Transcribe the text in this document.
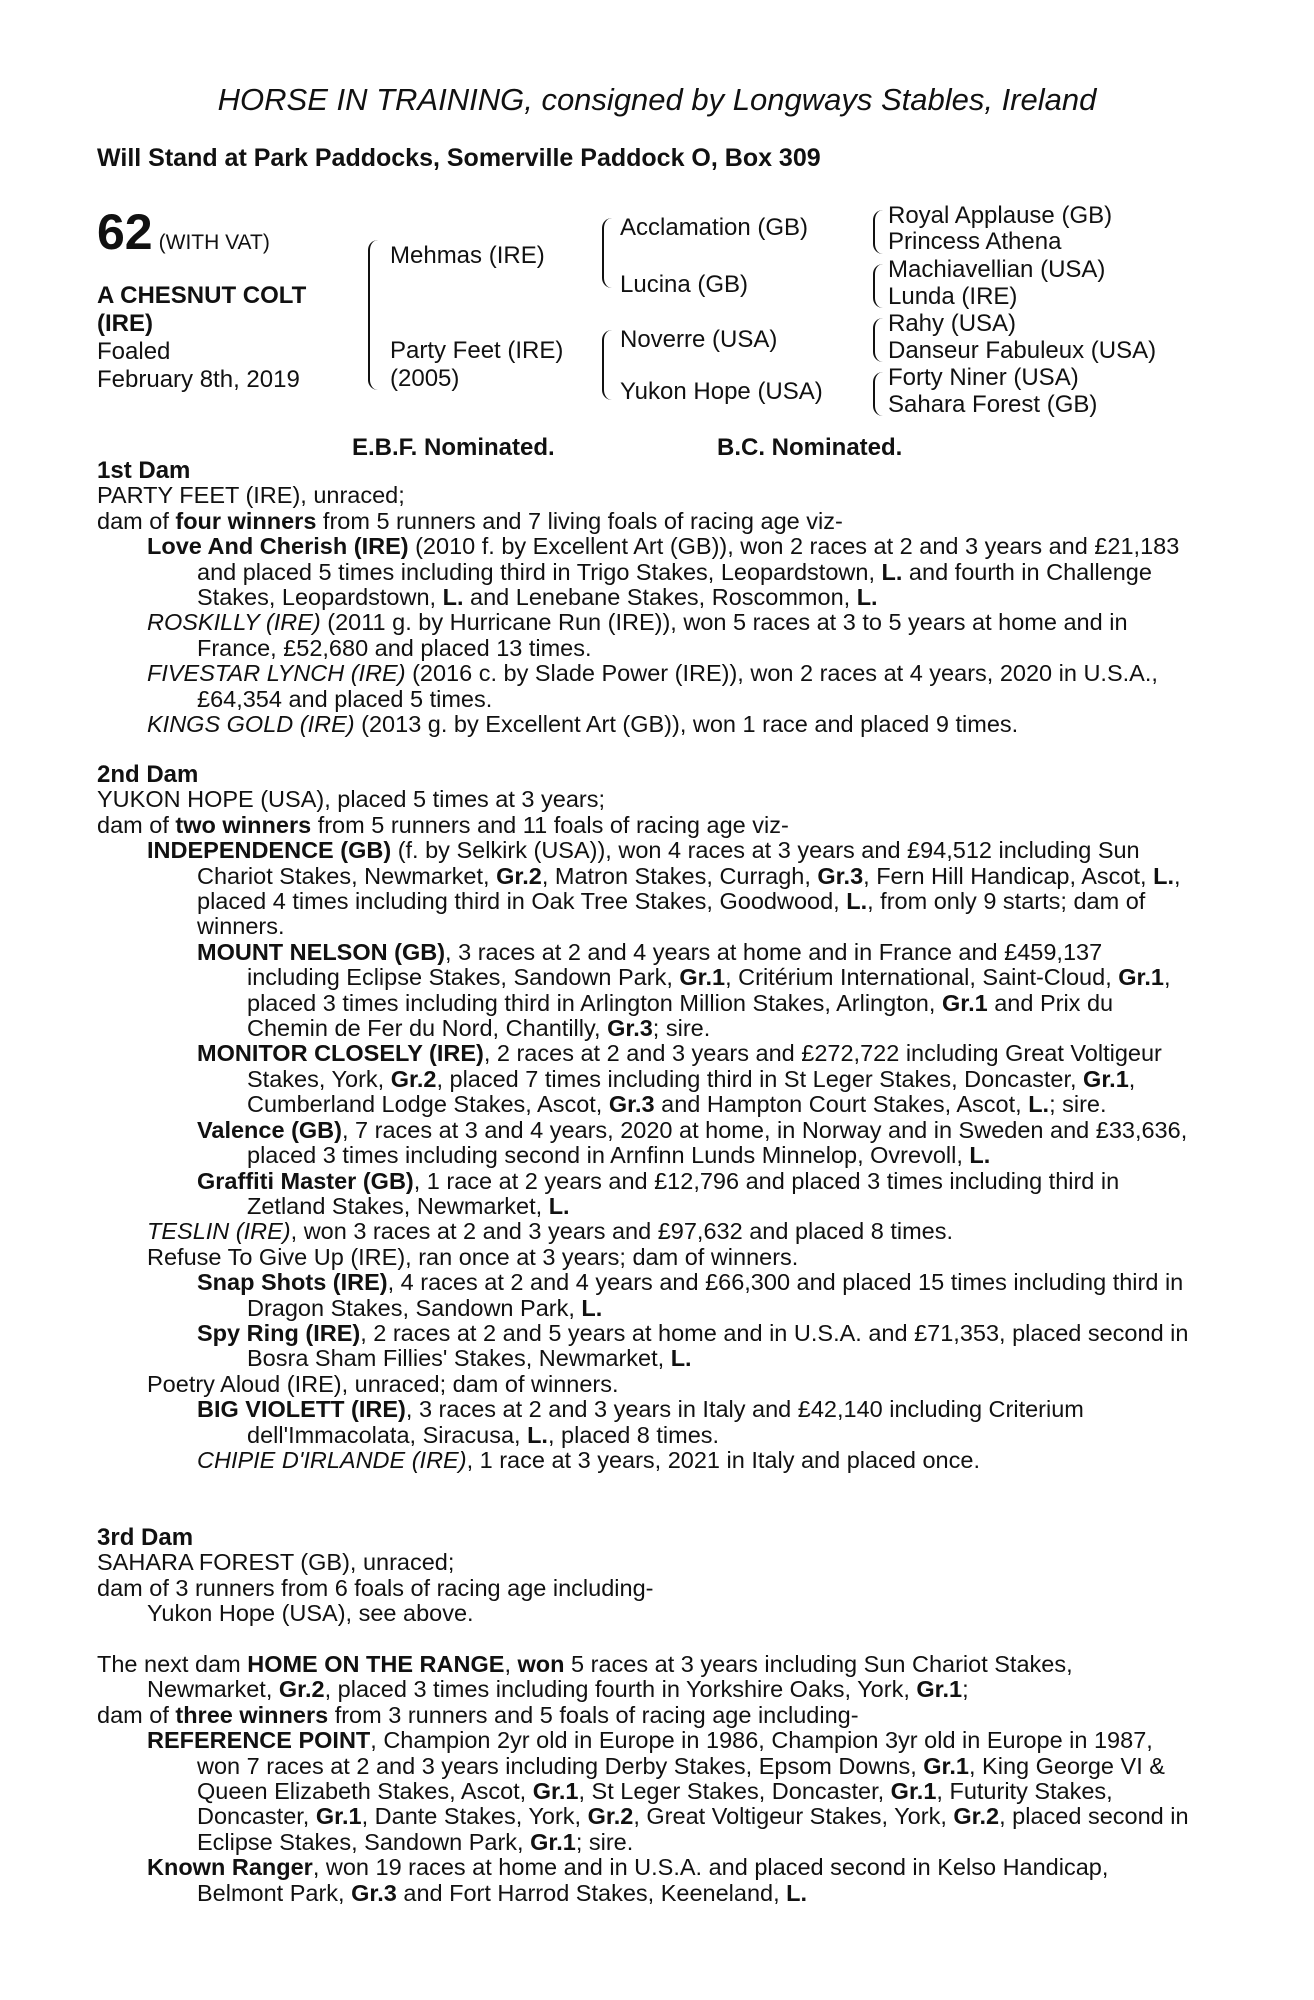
HORSE IN TRAINING, consigned by Longways Stables, Ireland
Will Stand at Park Paddocks, Somerville Paddock O, Box 309
62 (WITH VAT)
A CHESNUT COLT
(IRE)
Foaled
February 8th, 2019
Mehmas (IRE)
Party Feet (IRE)
(2005)
Acclamation (GB)
Lucina (GB)
Noverre (USA)
Yukon Hope (USA)
Royal Applause (GB)
Princess Athena
Machiavellian (USA)
Lunda (IRE)
Rahy (USA)
Danseur Fabuleux (USA)
Forty Niner (USA)
Sahara Forest (GB)
E.B.F. Nominated.	B.C. Nominated.

1st Dam

PARTY FEET (IRE), unraced;

dam of four winners from 5 runners and 7 living foals of racing age viz-

Love And Cherish (IRE) (2010 f. by Excellent Art (GB)), won 2 races at 2 and 3 years and £21,183 and placed 5 times including third in Trigo Stakes, Leopardstown, L. and fourth in Challenge Stakes, Leopardstown, L. and Lenebane Stakes, Roscommon, L.

ROSKILLY (IRE) (2011 g. by Hurricane Run (IRE)), won 5 races at 3 to 5 years at home and in France, £52,680 and placed 13 times.

FIVESTAR LYNCH (IRE) (2016 c. by Slade Power (IRE)), won 2 races at 4 years, 2020 in U.S.A., £64,354 and placed 5 times.

KINGS GOLD (IRE) (2013 g. by Excellent Art (GB)), won 1 race and placed 9 times.

2nd Dam

YUKON HOPE (USA), placed 5 times at 3 years;

dam of two winners from 5 runners and 11 foals of racing age viz-

INDEPENDENCE (GB) (f. by Selkirk (USA)), won 4 races at 3 years and £94,512 including Sun Chariot Stakes, Newmarket, Gr.2, Matron Stakes, Curragh, Gr.3, Fern Hill Handicap, Ascot, L., placed 4 times including third in Oak Tree Stakes, Goodwood, L., from only 9 starts; dam of winners.

MOUNT NELSON (GB), 3 races at 2 and 4 years at home and in France and £459,137 including Eclipse Stakes, Sandown Park, Gr.1, Critérium International, Saint-Cloud, Gr.1, placed 3 times including third in Arlington Million Stakes, Arlington, Gr.1 and Prix du Chemin de Fer du Nord, Chantilly, Gr.3; sire.

MONITOR CLOSELY (IRE), 2 races at 2 and 3 years and £272,722 including Great Voltigeur Stakes, York, Gr.2, placed 7 times including third in St Leger Stakes, Doncaster, Gr.1, Cumberland Lodge Stakes, Ascot, Gr.3 and Hampton Court Stakes, Ascot, L.; sire.

Valence (GB), 7 races at 3 and 4 years, 2020 at home, in Norway and in Sweden and £33,636, placed 3 times including second in Arnfinn Lunds Minnelop, Ovrevoll, L.

Graffiti Master (GB), 1 race at 2 years and £12,796 and placed 3 times including third in Zetland Stakes, Newmarket, L.

TESLIN (IRE), won 3 races at 2 and 3 years and £97,632 and placed 8 times.

Refuse To Give Up (IRE), ran once at 3 years; dam of winners.

Snap Shots (IRE), 4 races at 2 and 4 years and £66,300 and placed 15 times including third in Dragon Stakes, Sandown Park, L.

Spy Ring (IRE), 2 races at 2 and 5 years at home and in U.S.A. and £71,353, placed second in Bosra Sham Fillies' Stakes, Newmarket, L.

Poetry Aloud (IRE), unraced; dam of winners.

BIG VIOLETT (IRE), 3 races at 2 and 3 years in Italy and £42,140 including Criterium dell'Immacolata, Siracusa, L., placed 8 times.

CHIPIE D'IRLANDE (IRE), 1 race at 3 years, 2021 in Italy and placed once.

3rd Dam

SAHARA FOREST (GB), unraced;

dam of 3 runners from 6 foals of racing age including-

Yukon Hope (USA), see above.

The next dam HOME ON THE RANGE, won 5 races at 3 years including Sun Chariot Stakes, Newmarket, Gr.2, placed 3 times including fourth in Yorkshire Oaks, York, Gr.1;

dam of three winners from 3 runners and 5 foals of racing age including-

REFERENCE POINT, Champion 2yr old in Europe in 1986, Champion 3yr old in Europe in 1987, won 7 races at 2 and 3 years including Derby Stakes, Epsom Downs, Gr.1, King George VI & Queen Elizabeth Stakes, Ascot, Gr.1, St Leger Stakes, Doncaster, Gr.1, Futurity Stakes, Doncaster, Gr.1, Dante Stakes, York, Gr.2, Great Voltigeur Stakes, York, Gr.2, placed second in Eclipse Stakes, Sandown Park, Gr.1; sire.

Known Ranger, won 19 races at home and in U.S.A. and placed second in Kelso Handicap, Belmont Park, Gr.3 and Fort Harrod Stakes, Keeneland, L.
